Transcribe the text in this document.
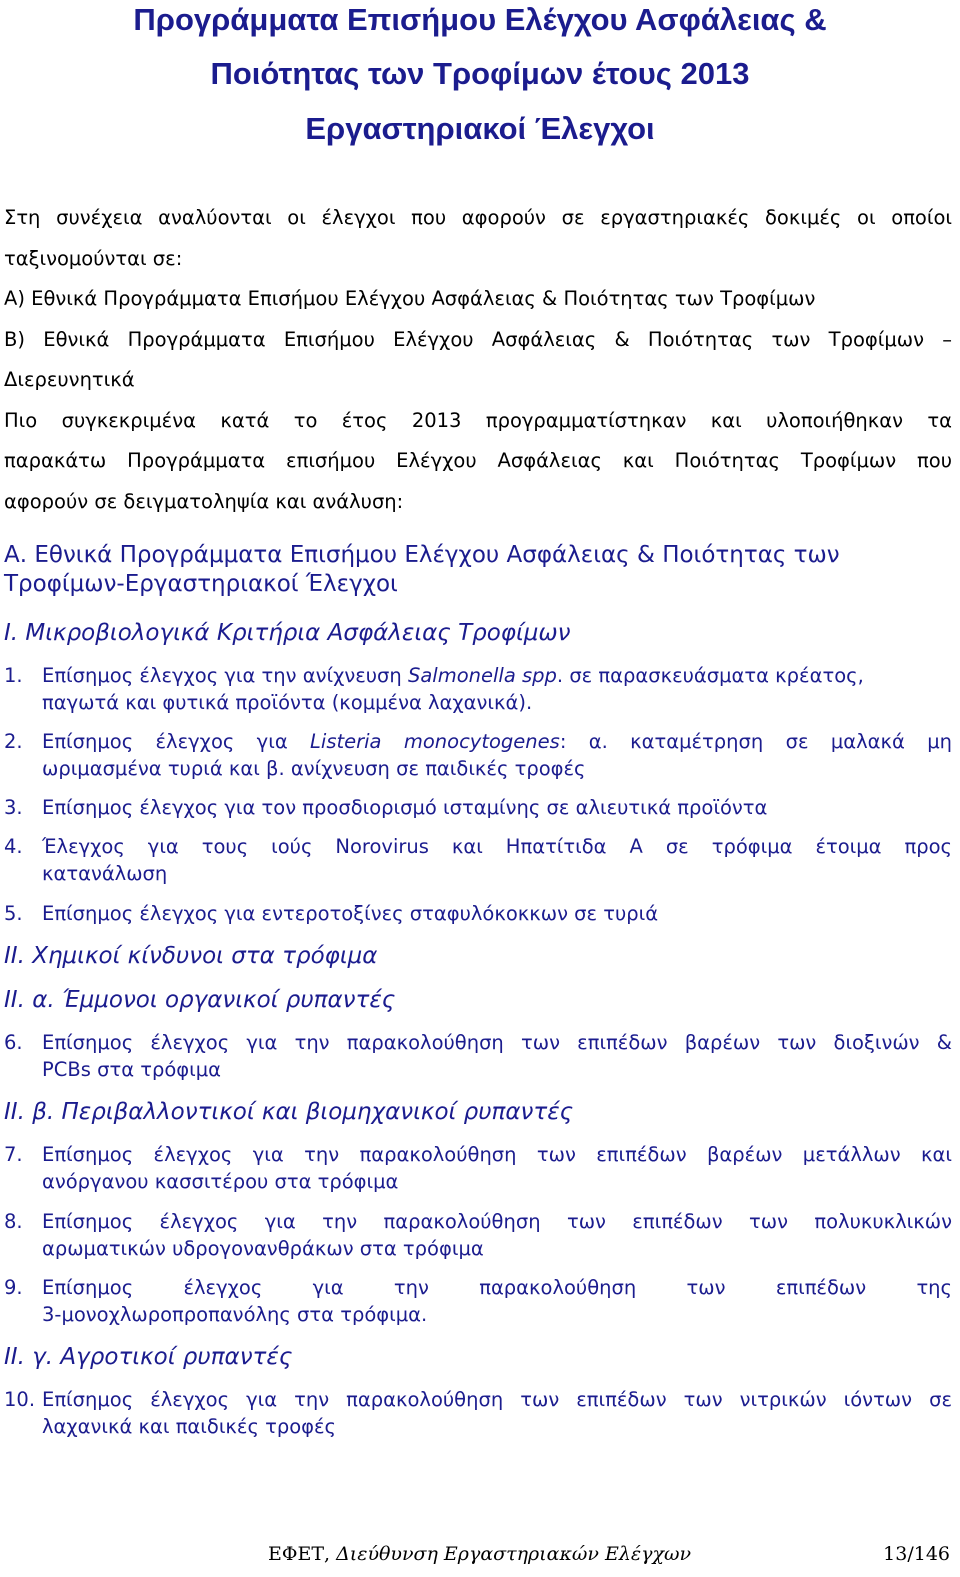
Προγράμματα Επισήμου Ελέγχου Ασφάλειας &
Ποιότητας των Τροφίμων έτους 2013
Εργαστηριακοί Έλεγχοι
Στη συνέχεια αναλύονται οι έλεγχοι που αφορούν σε εργαστηριακές δοκιμές οι οποίοι
ταξινομούνται σε:
Α) Εθνικά Προγράμματα Επισήμου Ελέγχου Ασφάλειας & Ποιότητας των Τροφίμων
Β) Εθνικά Προγράμματα Επισήμου Ελέγχου Ασφάλειας & Ποιότητας των Τροφίμων –
Διερευνητικά
Πιο συγκεκριμένα κατά το έτος 2013 προγραμματίστηκαν και υλοποιήθηκαν τα
παρακάτω Προγράμματα επισήμου Ελέγχου Ασφάλειας και Ποιότητας Τροφίμων που
αφορούν σε δειγματοληψία και ανάλυση:
Α. Εθνικά Προγράμματα Επισήμου Ελέγχου Ασφάλειας & Ποιότητας των
Τροφίμων-Εργαστηριακοί Έλεγχοι
Ι. Μικροβιολογικά Κριτήρια Ασφάλειας Τροφίμων
1. Επίσημος έλεγχος για την ανίχνευση Salmonella spp. σε παρασκευάσματα κρέατος,
παγωτά και φυτικά προϊόντα (κομμένα λαχανικά).
2. Επίσημος έλεγχος για Listeria monocytogenes: α. καταμέτρηση σε μαλακά μη
ωριμασμένα τυριά και β. ανίχνευση σε παιδικές τροφές
3. Επίσημος έλεγχος για τον προσδιορισμό ισταμίνης σε αλιευτικά προϊόντα
4. Έλεγχος για τους ιούς Norovirus και Ηπατίτιδα Α σε τρόφιμα έτοιμα προς
κατανάλωση
5. Επίσημος έλεγχος για εντεροτοξίνες σταφυλόκοκκων σε τυριά
ΙΙ. Χημικοί κίνδυνοι στα τρόφιμα
ΙΙ. α. Έμμονοι οργανικοί ρυπαντές
6. Επίσημος έλεγχος για την παρακολούθηση των επιπέδων βαρέων των διοξινών &
PCBs στα τρόφιμα
ΙΙ. β. Περιβαλλοντικοί και βιομηχανικοί ρυπαντές
7. Επίσημος έλεγχος για την παρακολούθηση των επιπέδων βαρέων μετάλλων και
ανόργανου κασσιτέρου στα τρόφιμα
8. Επίσημος έλεγχος για την παρακολούθηση των επιπέδων των πολυκυκλικών
αρωματικών υδρογονανθράκων στα τρόφιμα
9. Επίσημος έλεγχος για την παρακολούθηση των επιπέδων της
3-μονοχλωροπροπανόλης στα τρόφιμα.
ΙΙ. γ. Αγροτικοί ρυπαντές
10. Επίσημος έλεγχος για την παρακολούθηση των επιπέδων των νιτρικών ιόντων σε
λαχανικά και παιδικές τροφές
ΕΦΕΤ, Διεύθυνση Εργαστηριακών Ελέγχων	13/146
